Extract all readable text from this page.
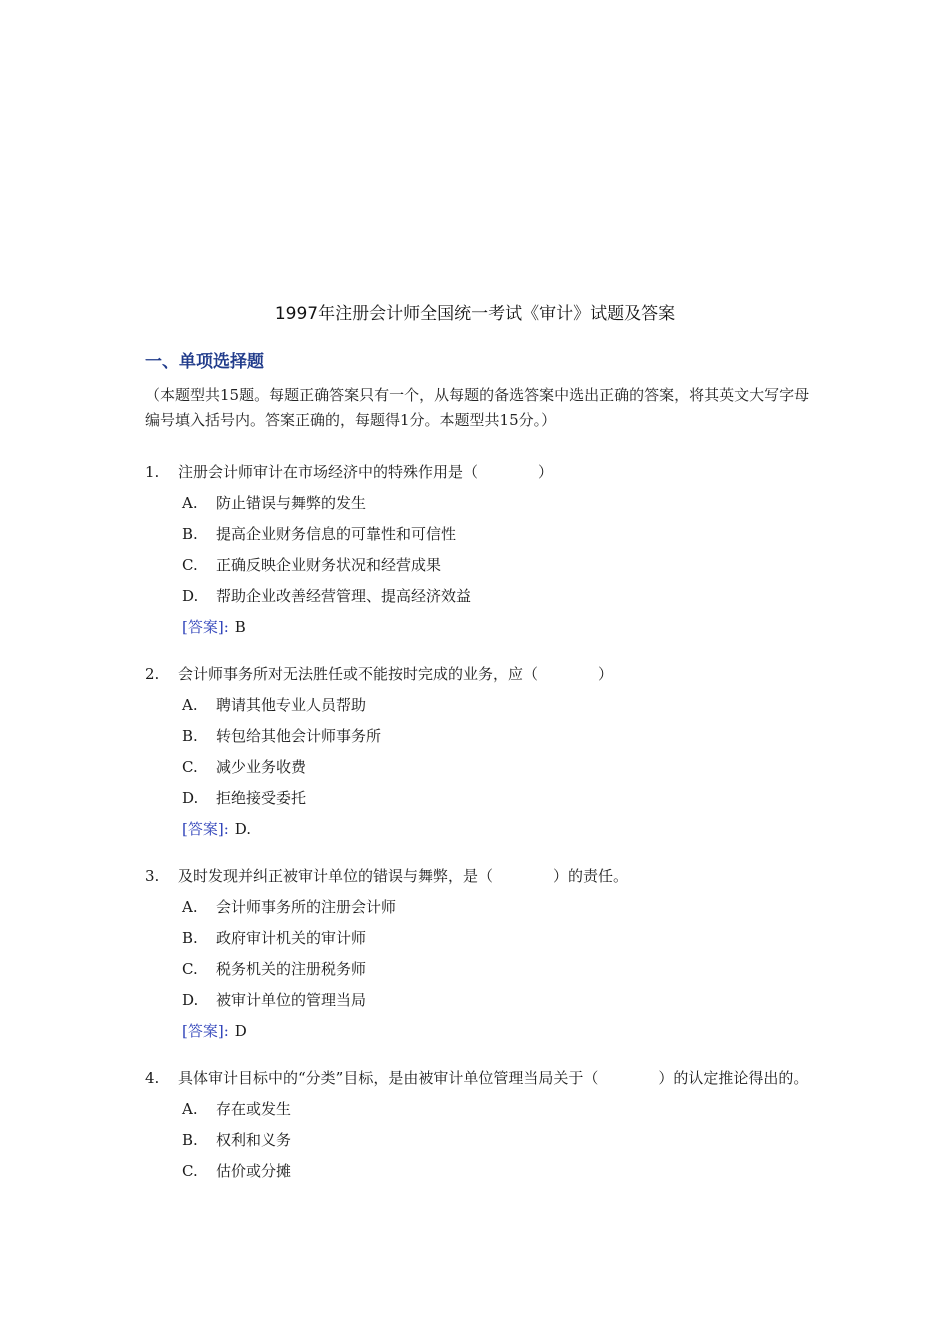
1997年注册会计师全国统一考试《审计》试题及答案
一、单项选择题
（本题型共15题。每题正确答案只有一个，从每题的备选答案中选出正确的答案，将其英文大写字母编号填入括号内。答案正确的，每题得1分。本题型共15分。）
1.	注册会计师审计在市场经济中的特殊作用是（　　　　）
A.	防止错误与舞弊的发生
B.	提高企业财务信息的可靠性和可信性
C.	正确反映企业财务状况和经营成果
D.	帮助企业改善经营管理、提高经济效益
[答案]: B
2.	会计师事务所对无法胜任或不能按时完成的业务，应（　　　　）
A.	聘请其他专业人员帮助
B.	转包给其他会计师事务所
C.	减少业务收费
D.	拒绝接受委托
[答案]: D.
3.	及时发现并纠正被审计单位的错误与舞弊，是（　　　　）的责任。
A.	会计师事务所的注册会计师
B.	政府审计机关的审计师
C.	税务机关的注册税务师
D.	被审计单位的管理当局
[答案]: D
4.	具体审计目标中的“分类”目标，是由被审计单位管理当局关于（　　　　）的认定推论得出的。
A.	存在或发生
B.	权利和义务
C.	估价或分摊
